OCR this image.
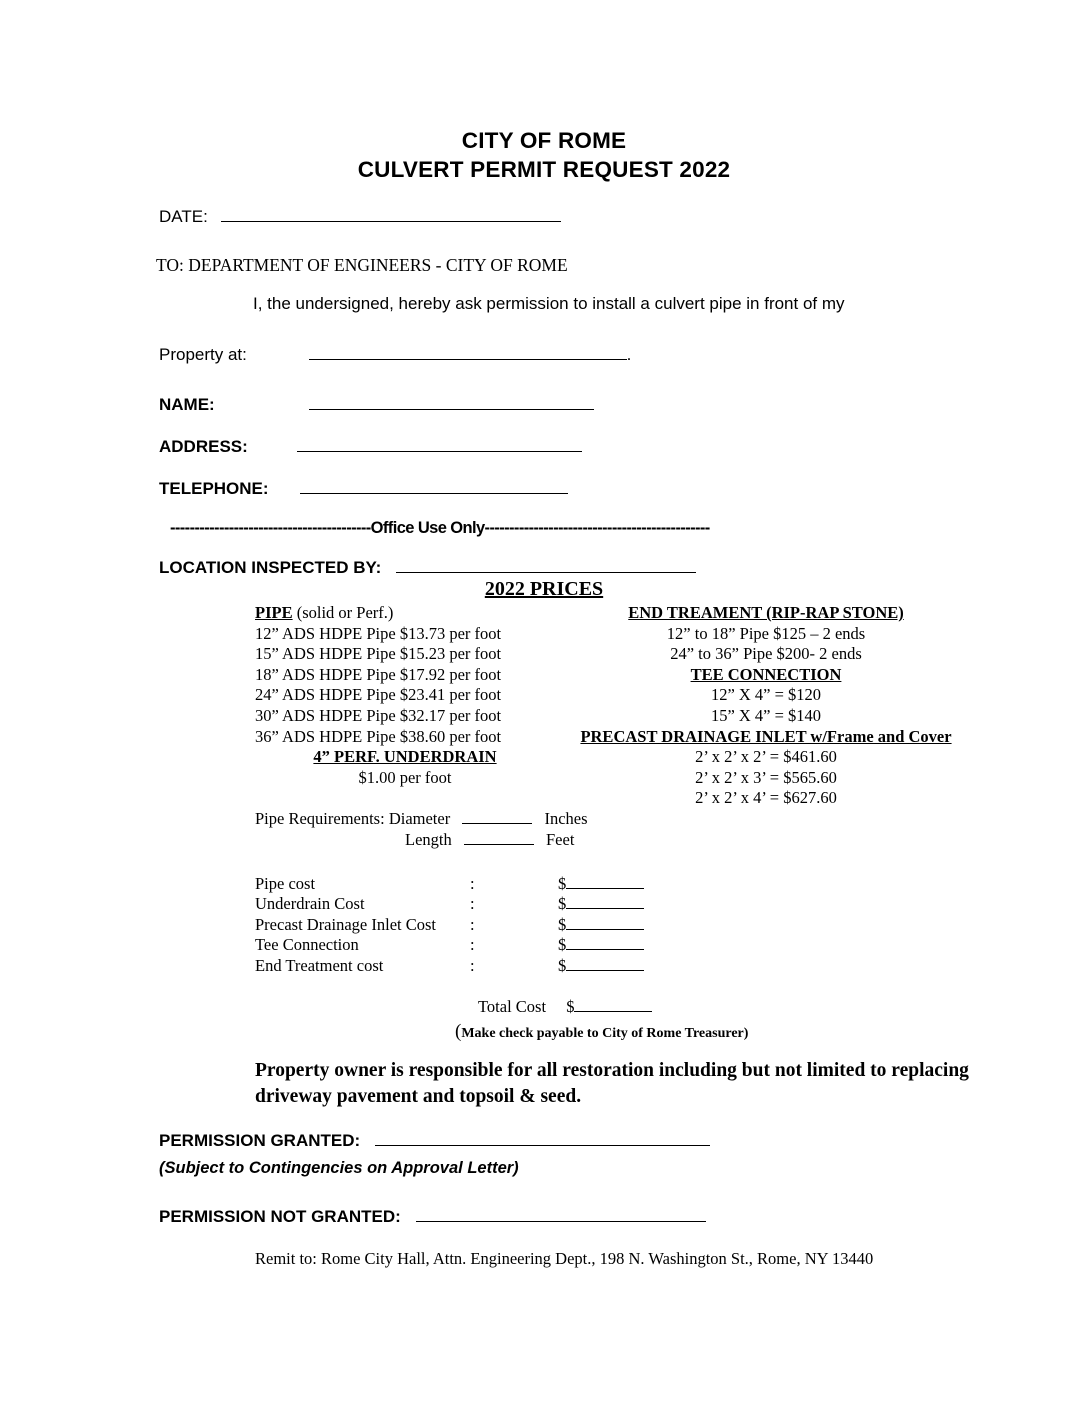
CITY OF ROME
CULVERT PERMIT REQUEST 2022
DATE:
TO: DEPARTMENT OF ENGINEERS - CITY OF ROME
I, the undersigned, hereby ask permission to install a culvert pipe in front of my
Property at:	.
NAME:
ADDRESS:
TELEPHONE:
-----------------------------------------Office Use Only----------------------------------------------
LOCATION INSPECTED BY:
2022 PRICES
PIPE (solid or Perf.)
12” ADS HDPE Pipe $13.73 per foot
15” ADS HDPE Pipe $15.23 per foot
18” ADS HDPE Pipe $17.92 per foot
24” ADS HDPE Pipe $23.41 per foot
30” ADS HDPE Pipe $32.17 per foot
36” ADS HDPE Pipe $38.60 per foot
4” PERF. UNDERDRAIN
$1.00 per foot
END TREAMENT (RIP-RAP STONE)
12” to 18” Pipe $125 – 2 ends
24” to 36” Pipe $200- 2 ends
TEE CONNECTION
12” X 4” = $120
15” X 4” = $140
PRECAST DRAINAGE INLET w/Frame and Cover
2’ x 2’ x 2’ = $461.60
2’ x 2’ x 3’ = $565.60
2’ x 2’ x 4’ = $627.60
Pipe Requirements: Diameter	Inches
Length	Feet
Pipe cost	:	$
Underdrain Cost	:	$
Precast Drainage Inlet Cost :	$
Tee Connection	:	$
End Treatment cost	:	$
Total Cost $
(Make check payable to City of Rome Treasurer)
Property owner is responsible for all restoration including but not limited to replacing driveway pavement and topsoil & seed.
PERMISSION GRANTED:
(Subject to Contingencies on Approval Letter)
PERMISSION NOT GRANTED:
Remit to: Rome City Hall, Attn. Engineering Dept., 198 N. Washington St., Rome, NY 13440
